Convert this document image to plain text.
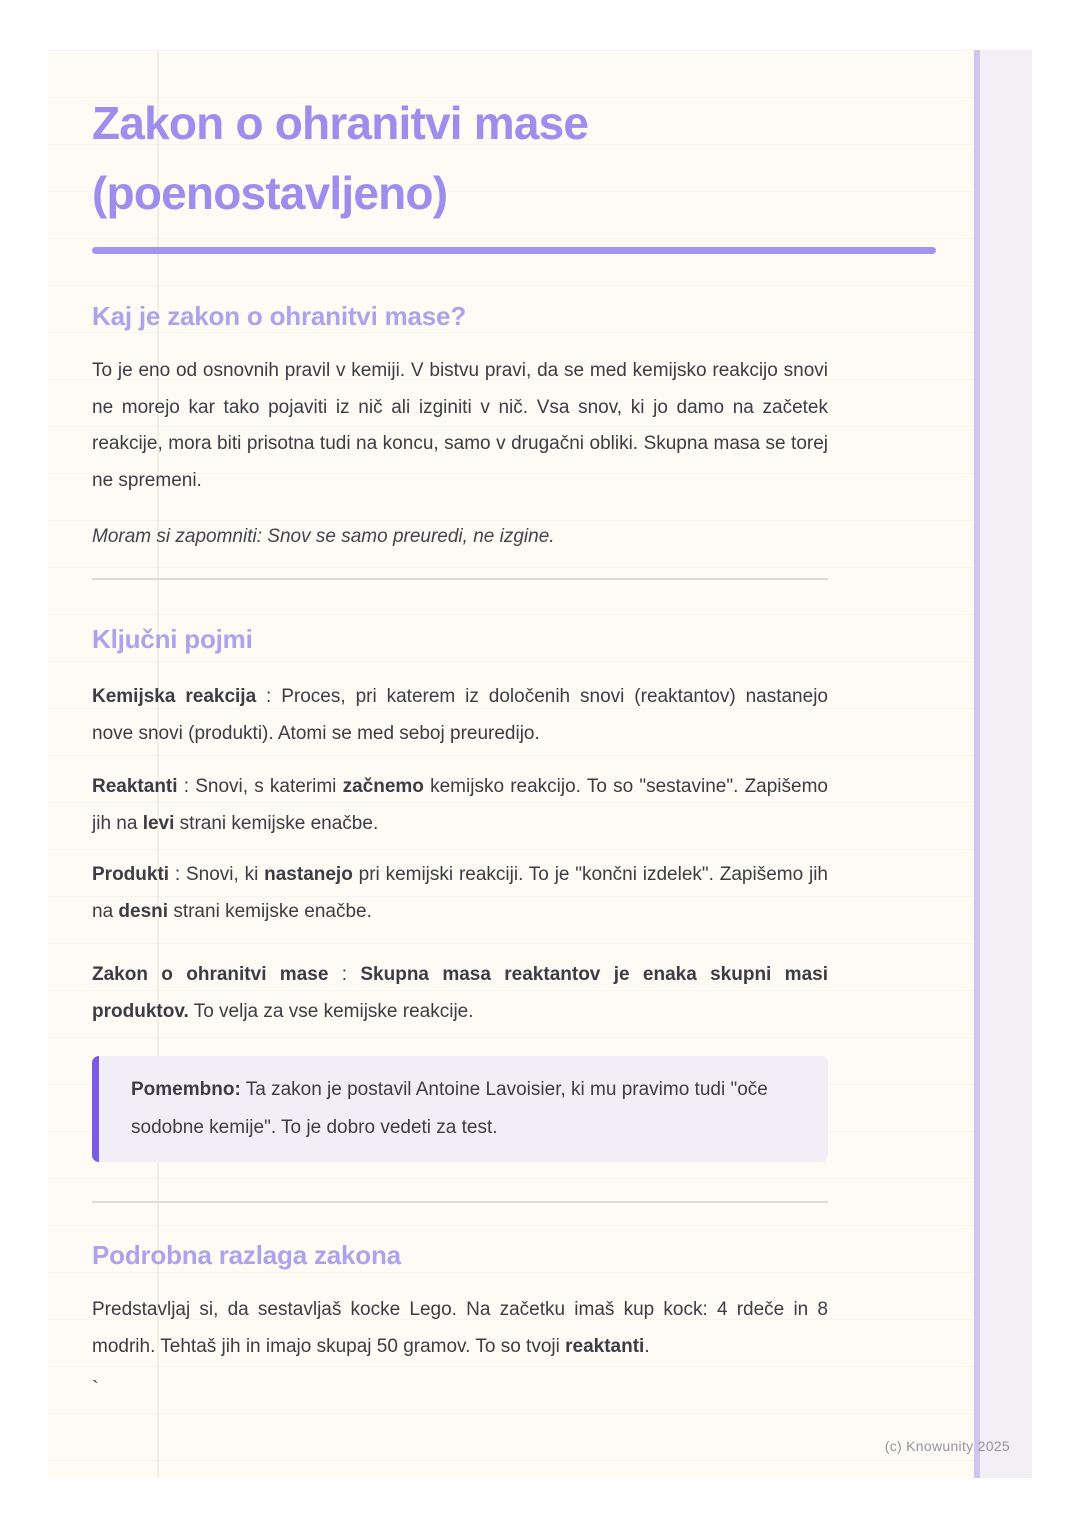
Zakon o ohranitvi mase (poenostavljeno)
Kaj je zakon o ohranitvi mase?

To je eno od osnovnih pravil v kemiji. V bistvu pravi, da se med kemijsko reakcijo snovi ne morejo kar tako pojaviti iz nič ali izginiti v nič. Vsa snov, ki jo damo na začetek reakcije, mora biti prisotna tudi na koncu, samo v drugačni obliki. Skupna masa se torej ne spremeni.

Moram si zapomniti: Snov se samo preuredi, ne izgine.

Ključni pojmi

Kemijska reakcija : Proces, pri katerem iz določenih snovi (reaktantov) nastanejo nove snovi (produkti). Atomi se med seboj preuredijo.

Reaktanti : Snovi, s katerimi začnemo kemijsko reakcijo. To so "sestavine". Zapišemo jih na levi strani kemijske enačbe.

Produkti : Snovi, ki nastanejo pri kemijski reakciji. To je "končni izdelek". Zapišemo jih na desni strani kemijske enačbe.

Zakon o ohranitvi mase : Skupna masa reaktantov je enaka skupni masi produktov. To velja za vse kemijske reakcije.

Pomembno: Ta zakon je postavil Antoine Lavoisier, ki mu pravimo tudi "oče sodobne kemije". To je dobro vedeti za test.

Podrobna razlaga zakona

Predstavljaj si, da sestavljaš kocke Lego. Na začetku imaš kup kock: 4 rdeče in 8 modrih. Tehtaš jih in imajo skupaj 50 gramov. To so tvoji reaktanti.

`
(c) Knowunity 2025
